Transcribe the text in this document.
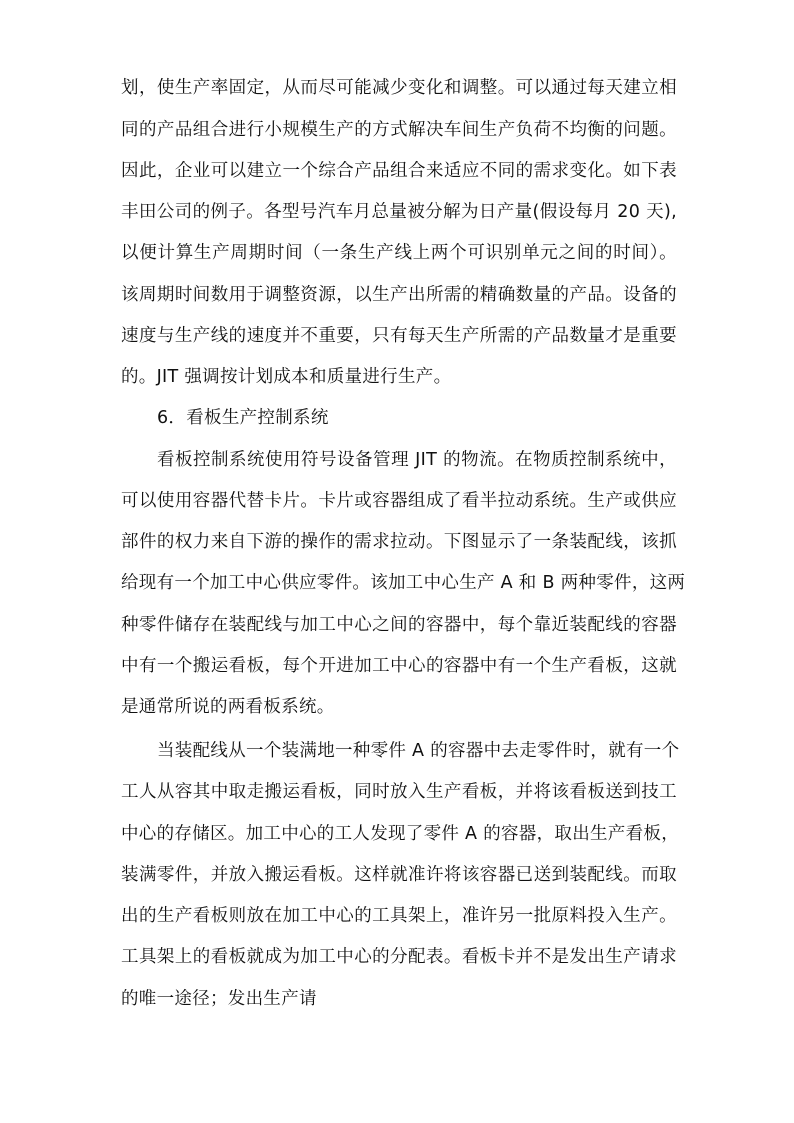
划，使生产率固定，从而尽可能减少变化和调整。可以通过每天建立相
同的产品组合进行小规模生产的方式解决车间生产负荷不均衡的问题。
因此，企业可以建立一个综合产品组合来适应不同的需求变化。如下表
丰田公司的例子。各型号汽车月总量被分解为日产量(假设每月 20 天),
以便计算生产周期时间（一条生产线上两个可识别单元之间的时间）。
该周期时间数用于调整资源，以生产出所需的精确数量的产品。设备的
速度与生产线的速度并不重要，只有每天生产所需的产品数量才是重要
的。JIT 强调按计划成本和质量进行生产。
6．看板生产控制系统
看板控制系统使用符号设备管理 JIT 的物流。在物质控制系统中，
可以使用容器代替卡片。卡片或容器组成了看半拉动系统。生产或供应
部件的权力来自下游的操作的需求拉动。下图显示了一条装配线，该抓
给现有一个加工中心供应零件。该加工中心生产 A 和 B 两种零件，这两
种零件储存在装配线与加工中心之间的容器中，每个靠近装配线的容器
中有一个搬运看板，每个开进加工中心的容器中有一个生产看板，这就
是通常所说的两看板系统。
当装配线从一个装满地一种零件 A 的容器中去走零件时，就有一个
工人从容其中取走搬运看板，同时放入生产看板，并将该看板送到技工
中心的存储区。加工中心的工人发现了零件 A 的容器，取出生产看板，
装满零件，并放入搬运看板。这样就准许将该容器已送到装配线。而取
出的生产看板则放在加工中心的工具架上，准许另一批原料投入生产。
工具架上的看板就成为加工中心的分配表。看板卡并不是发出生产请求
的唯一途径；发出生产请
